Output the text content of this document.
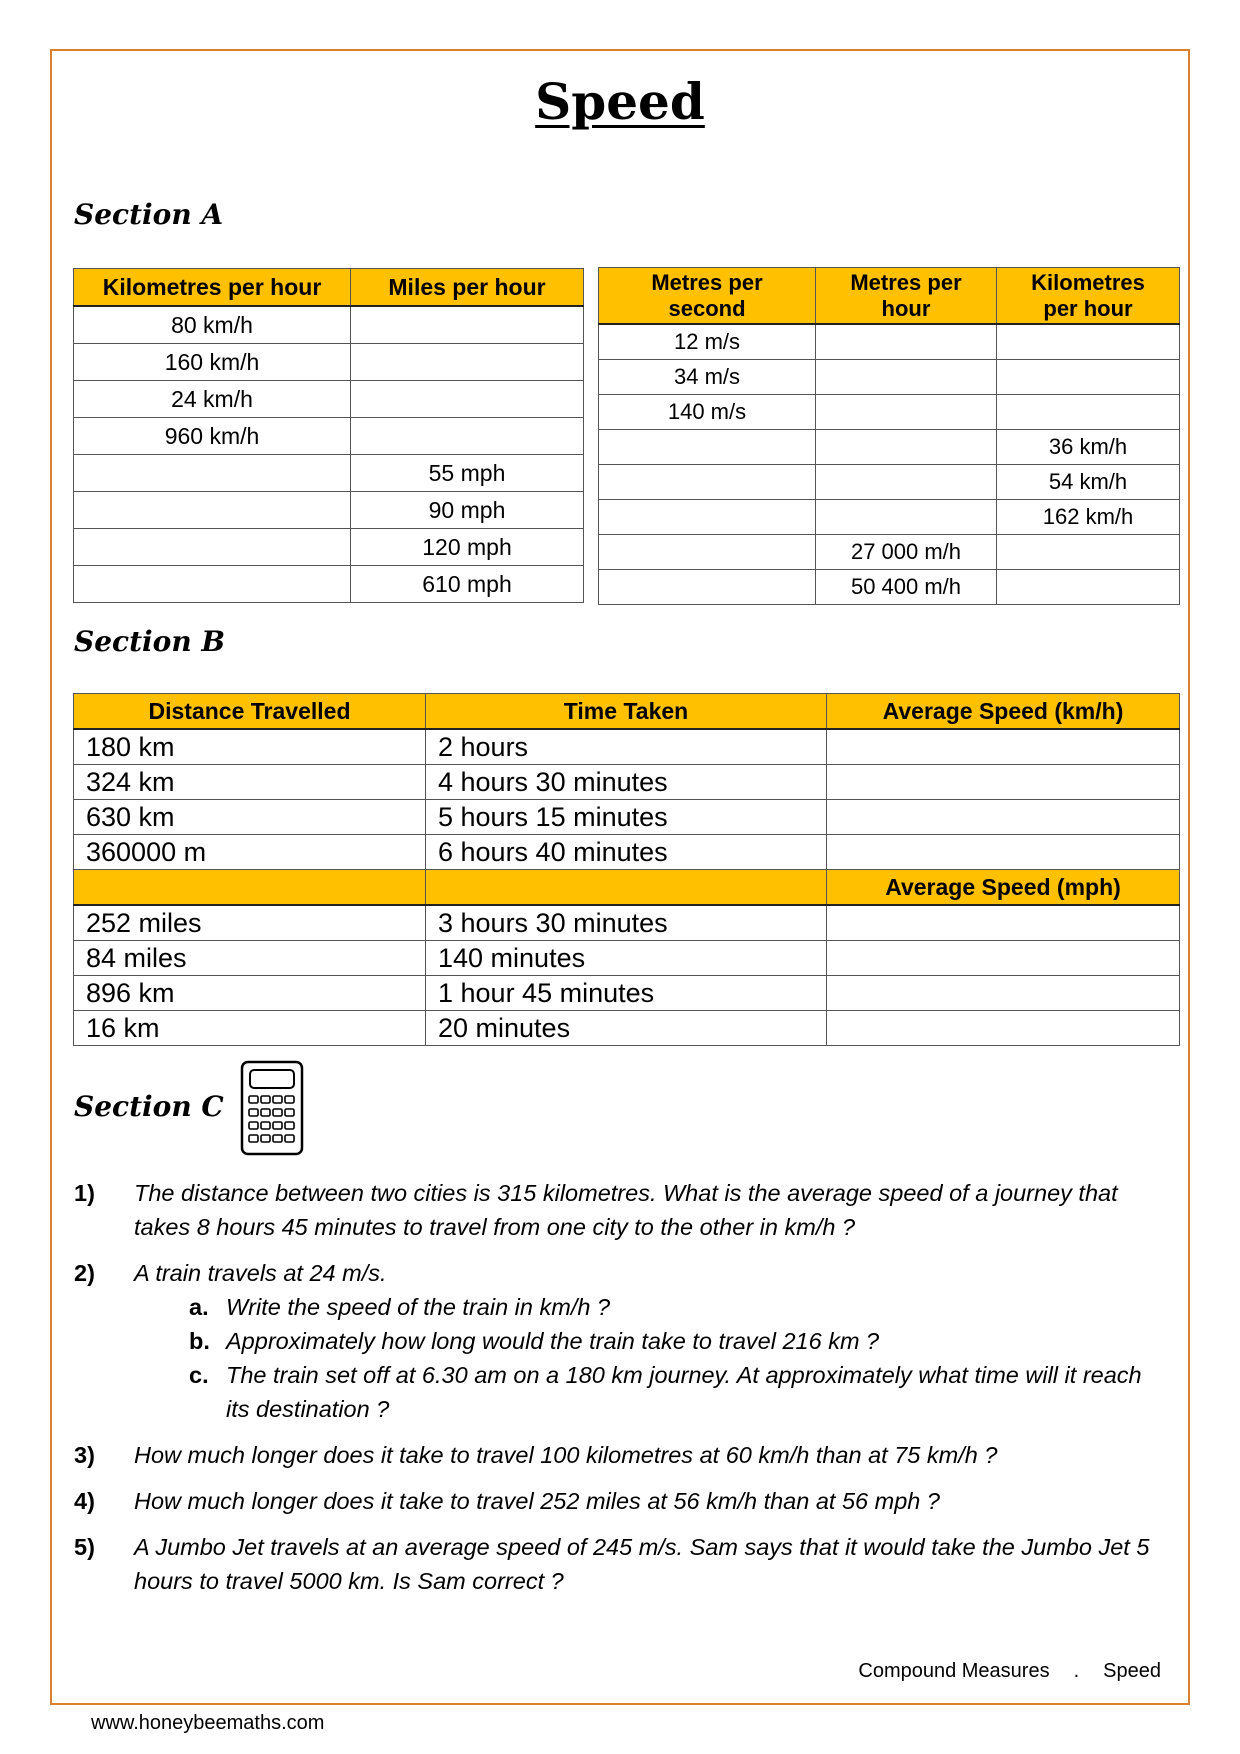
Speed
Section A
Kilometres per hour	Miles per hour
80 km/h	
160 km/h	
24 km/h	
960 km/h	
	55 mph
	90 mph
	120 mph
	610 mph
Metres per
second	Metres per
hour	Kilometres
per hour
12 m/s		
34 m/s		
140 m/s		
		36 km/h
		54 km/h
		162 km/h
	27 000 m/h	
	50 400 m/h	
Section B
Distance Travelled	Time Taken	Average Speed (km/h)
180 km	2 hours	
324 km	4 hours 30 minutes	
630 km	5 hours 15 minutes	
360000 m	6 hours 40 minutes	
		Average Speed (mph)
252 miles	3 hours 30 minutes	
84 miles	140 minutes	
896 km	1 hour 45 minutes	
16 km	20 minutes	
Section C
1)	The distance between two cities is 315 kilometres. What is the average speed of a journey that takes 8 hours 45 minutes to travel from one city to the other in km/h ?
2)	A train travels at 24 m/s.
a. Write the speed of the train in km/h ?
b. Approximately how long would the train take to travel 216 km ?
c. The train set off at 6.30 am on a 180 km journey. At approximately what time will it reach its destination ?
3)	How much longer does it take to travel 100 kilometres at 60 km/h than at 75 km/h ?
4)	How much longer does it take to travel 252 miles at 56 km/h than at 56 mph ?
5)	A Jumbo Jet travels at an average speed of 245 m/s. Sam says that it would take the Jumbo Jet 5 hours to travel 5000 km. Is Sam correct ?
Compound Measures . Speed
www.honeybeemaths.com
